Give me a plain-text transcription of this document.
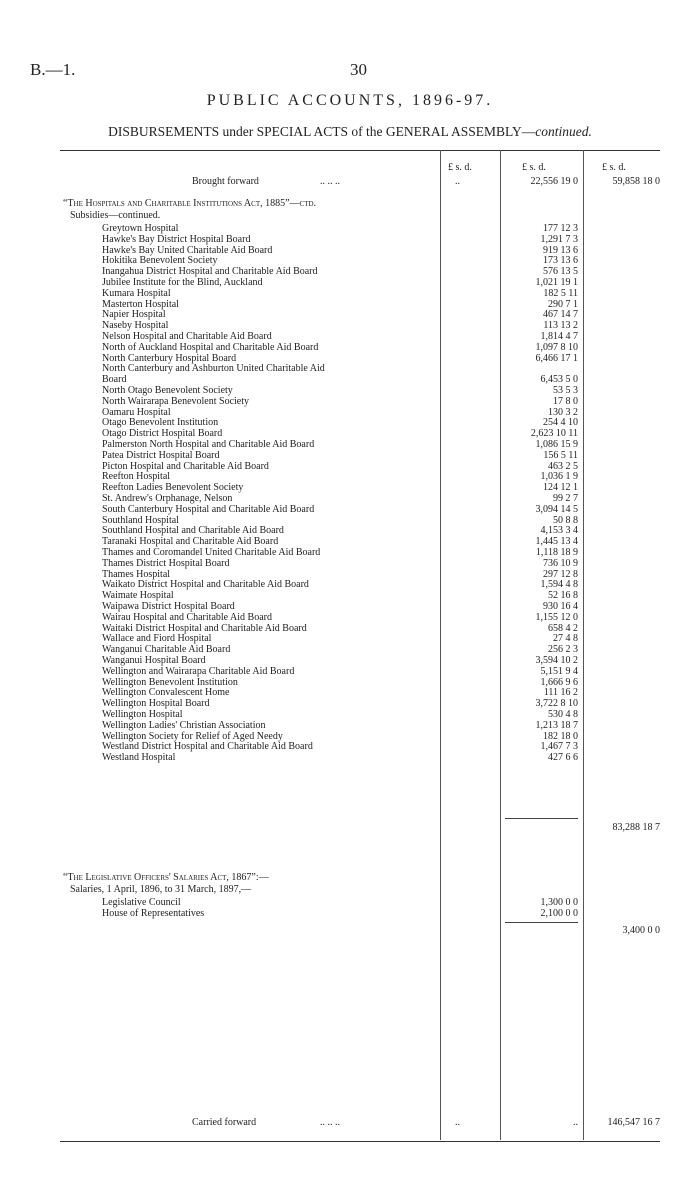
B.—1.	30
PUBLIC ACCOUNTS, 1896-97.
DISBURSEMENTS under SPECIAL ACTS of the GENERAL ASSEMBLY—continued.
£ s. d.	£ s. d.	£ s. d.
Brought forward	.. .. ..	..	22,556 19 0	59,858 18 0
“The Hospitals and Charitable Institutions Act, 1885”—ctd.
Subsidies—continued.
Greytown Hospital	177 12 3
Hawke's Bay District Hospital Board	1,291 7 3
Hawke's Bay United Charitable Aid Board	919 13 6
Hokitika Benevolent Society	173 13 6
Inangahua District Hospital and Charitable Aid Board	576 13 5
Jubilee Institute for the Blind, Auckland	1,021 19 1
Kumara Hospital	182 5 11
Masterton Hospital	290 7 1
Napier Hospital	467 14 7
Naseby Hospital	113 13 2
Nelson Hospital and Charitable Aid Board	1,814 4 7
North of Auckland Hospital and Charitable Aid Board	1,097 8 10
North Canterbury Hospital Board	6,466 17 1
North Canterbury and Ashburton United Charitable Aid
Board	6,453 5 0
North Otago Benevolent Society	53 5 3
North Wairarapa Benevolent Society	17 8 0
Oamaru Hospital	130 3 2
Otago Benevolent Institution	254 4 10
Otago District Hospital Board	2,623 10 11
Palmerston North Hospital and Charitable Aid Board	1,086 15 9
Patea District Hospital Board	156 5 11
Picton Hospital and Charitable Aid Board	463 2 5
Reefton Hospital	1,036 1 9
Reefton Ladies Benevolent Society	124 12 1
St. Andrew's Orphanage, Nelson	99 2 7
South Canterbury Hospital and Charitable Aid Board	3,094 14 5
Southland Hospital	50 8 8
Southland Hospital and Charitable Aid Board	4,153 3 4
Taranaki Hospital and Charitable Aid Board	1,445 13 4
Thames and Coromandel United Charitable Aid Board	1,118 18 9
Thames District Hospital Board	736 10 9
Thames Hospital	297 12 8
Waikato District Hospital and Charitable Aid Board	1,594 4 8
Waimate Hospital	52 16 8
Waipawa District Hospital Board	930 16 4
Wairau Hospital and Charitable Aid Board	1,155 12 0
Waitaki District Hospital and Charitable Aid Board	658 4 2
Wallace and Fiord Hospital	27 4 8
Wanganui Charitable Aid Board	256 2 3
Wanganui Hospital Board	3,594 10 2
Wellington and Wairarapa Charitable Aid Board	5,151 9 4
Wellington Benevolent Institution	1,666 9 6
Wellington Convalescent Home	111 16 2
Wellington Hospital Board	3,722 8 10
Wellington Hospital	530 4 8
Wellington Ladies' Christian Association	1,213 18 7
Wellington Society for Relief of Aged Needy	182 18 0
Westland District Hospital and Charitable Aid Board	1,467 7 3
Westland Hospital	427 6 6
83,288 18 7
“The Legislative Officers' Salaries Act, 1867”:—
Salaries, 1 April, 1896, to 31 March, 1897,—
Legislative Council	1,300 0 0
House of Representatives	2,100 0 0
3,400 0 0
Carried forward	.. .. ..	..	..	146,547 16 7
